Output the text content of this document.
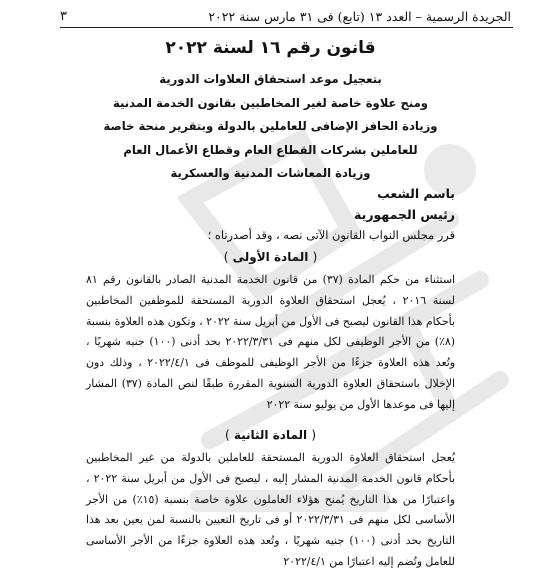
الجريدة الرسمية – العدد ١٣ (تابع) فى ٣١ مارس سنة ٢٠٢٢
٣
قانون رقم ١٦ لسنة ٢٠٢٢
بتعجيل موعد استحقاق العلاوات الدورية
ومنح علاوة خاصة لغير المخاطبين بقانون الخدمة المدنية
وزيادة الحافز الإضافى للعاملين بالدولة وبتقرير منحة خاصة
للعاملين بشركات القطاع العام وقطاع الأعمال العام
وزيادة المعاشات المدنية والعسكرية
باسم الشعب
رئيس الجمهورية
قرر مجلس النواب القانون الآتى نصه ، وقد أصدرناه ؛
( المادة الأولى )

استثناء من حكم المادة (٣٧) من قانون الخدمة المدنية الصادر بالقانون رقم ٨١ لسنة ٢٠١٦ ، يُعجل استحقاق العلاوة الدورية المستحقة للموظفين المخاطبين بأحكام هذا القانون ليصبح فى الأول من أبريل سنة ٢٠٢٢ ، وتكون هذه العلاوة بنسبة (٨٪) من الأجر الوظيفى لكل منهم فى ٢٠٢٢/٣/٣١ بحد أدنى (١٠٠) جنيه شهريًا ، وتُعد هذه العلاوة جزءًا من الأجر الوظيفى للموظف فى ٢٠٢٢/٤/١ ، وذلك دون الإخلال باستحقاق العلاوة الدورية السنوية المقررة طبقًا لنص المادة (٣٧) المشار إليها فى موعدها الأول من يوليو سنة ٢٠٢٢

( المادة الثانية )

يُعجل استحقاق العلاوة الدورية المستحقة للعاملين بالدولة من غير المخاطبين بأحكام قانون الخدمة المدنية المشار إليه ، ليصبح فى الأول من أبريل سنة ٢٠٢٢ ، واعتبارًا من هذا التاريخ يُمنح هؤلاء العاملون علاوة خاصة بنسبة (١٥٪) من الأجر الأساسى لكل منهم فى ٢٠٢٢/٣/٣١ أو فى تاريخ التعيين بالنسبة لمن يعين بعد هذا التاريخ بحد أدنى (١٠٠) جنيه شهريًا ، وتُعد هذه العلاوة جزءًا من الأجر الأساسى للعامل وتُضم إليه اعتبارًا من ٢٠٢٢/٤/١
